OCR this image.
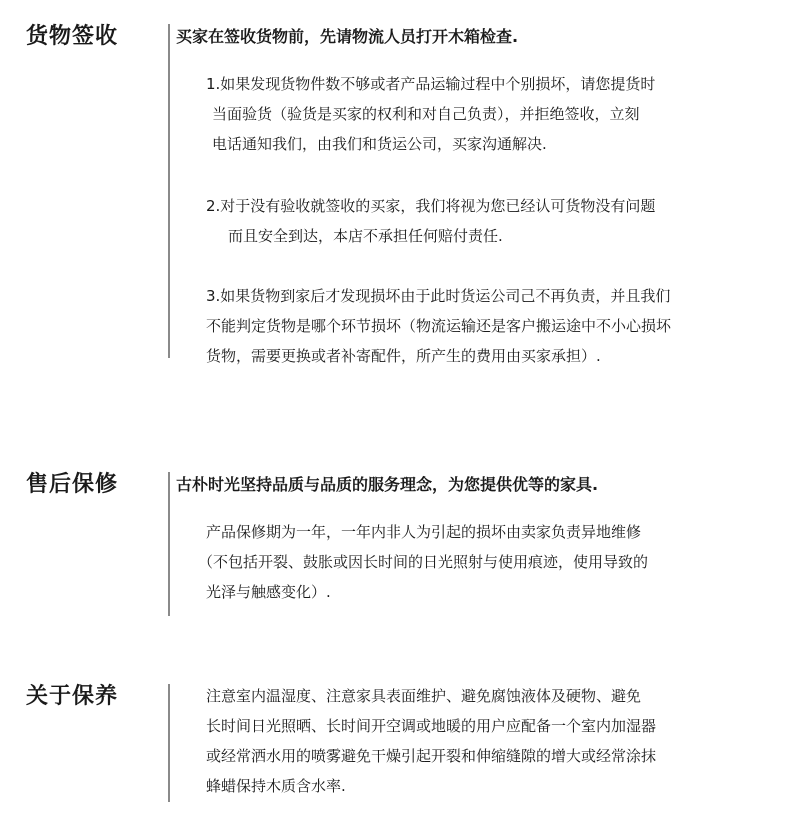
货物签收	买家在签收货物前，先请物流人员打开木箱检查.
1.如果发现货物件数不够或者产品运输过程中个别损坏，请您提货时
当面验货（验货是买家的权利和对自己负责），并拒绝签收，立刻
电话通知我们，由我们和货运公司，买家沟通解决.
2.对于没有验收就签收的买家，我们将视为您已经认可货物没有问题
而且安全到达，本店不承担任何赔付责任.
3.如果货物到家后才发现损坏由于此时货运公司己不再负责，并且我们
不能判定货物是哪个环节损坏（物流运输还是客户搬运途中不小心损坏
货物，需要更换或者补寄配件，所产生的费用由买家承担）.
售后保修	古朴时光坚持品质与品质的服务理念，为您提供优等的家具.
产品保修期为一年，一年内非人为引起的损坏由卖家负责异地维修
（不包括开裂、鼓胀或因长时间的日光照射与使用痕迹，使用导致的
光泽与触感变化）.
关于保养	注意室内温湿度、注意家具表面维护、避免腐蚀液体及硬物、避免
长时间日光照晒、长时间开空调或地暖的用户应配备一个室内加湿器
或经常洒水用的喷雾避免干燥引起开裂和伸缩缝隙的增大或经常涂抹
蜂蜡保持木质含水率.
